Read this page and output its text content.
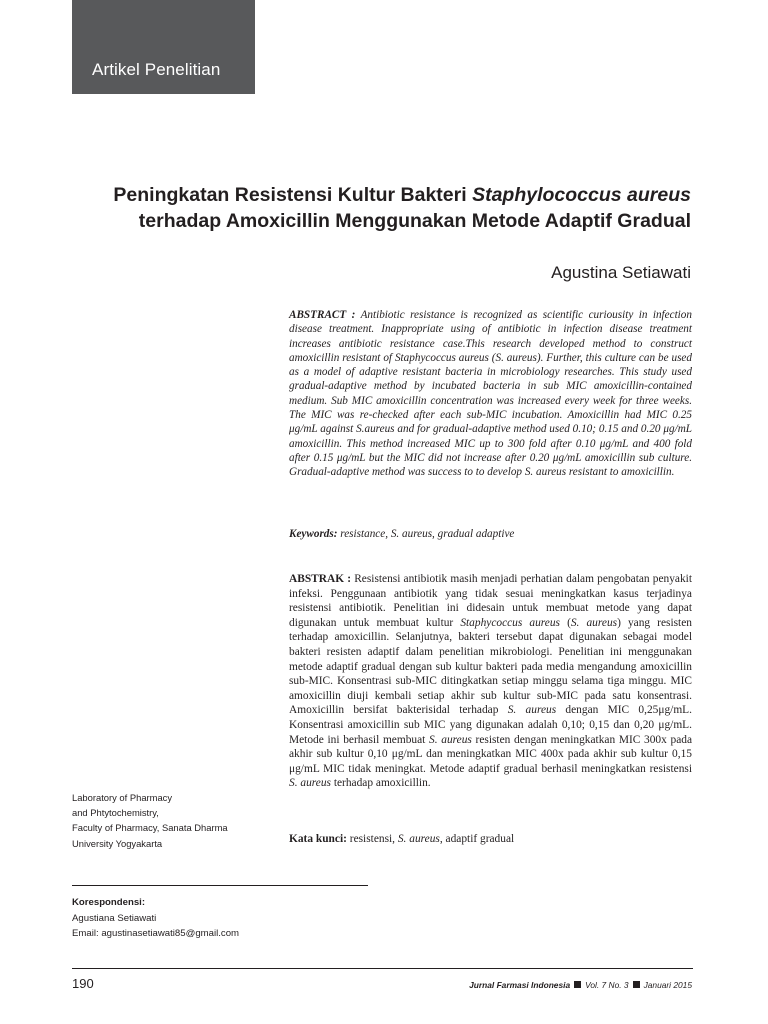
Artikel Penelitian
Peningkatan Resistensi Kultur Bakteri Staphylococcus aureus
terhadap Amoxicillin Menggunakan Metode Adaptif Gradual
Agustina Setiawati
ABSTRACT : Antibiotic resistance is recognized as scientific curiousity in infection disease treatment. Inappropriate using of antibiotic in infection disease treatment increases antibiotic resistance case.This research developed method to construct amoxicillin resistant of Staphycoccus aureus (S. aureus). Further, this culture can be used as a model of adaptive resistant bacteria in microbiology researches. This study used gradual-adaptive method by incubated bacteria in sub MIC amoxicillin-contained medium. Sub MIC amoxicillin concentration was increased every week for three weeks. The MIC was re-checked after each sub-MIC incubation. Amoxicillin had MIC 0.25 μg/mL against S.aureus and for gradual-adaptive method used 0.10; 0.15 and 0.20 μg/mL amoxicillin. This method increased MIC up to 300 fold after 0.10 μg/mL and 400 fold after 0.15 μg/mL but the MIC did not increase after 0.20 μg/mL amoxicillin sub culture. Gradual-adaptive method was success to to develop S. aureus resistant to amoxicillin.
Keywords: resistance, S. aureus, gradual adaptive
ABSTRAK : Resistensi antibiotik masih menjadi perhatian dalam pengobatan penyakit infeksi. Penggunaan antibiotik yang tidak sesuai meningkatkan kasus terjadinya resistensi antibiotik. Penelitian ini didesain untuk membuat metode yang dapat digunakan untuk membuat kultur Staphycoccus aureus (S. aureus) yang resisten terhadap amoxicillin. Selanjutnya, bakteri tersebut dapat digunakan sebagai model bakteri resisten adaptif dalam penelitian mikrobiologi. Penelitian ini menggunakan metode adaptif gradual dengan sub kultur bakteri pada media mengandung amoxicillin sub-MIC. Konsentrasi sub-MIC ditingkatkan setiap minggu selama tiga minggu. MIC amoxicillin diuji kembali setiap akhir sub kultur sub-MIC pada satu konsentrasi. Amoxicillin bersifat bakterisidal terhadap S. aureus dengan MIC 0,25μg/mL. Konsentrasi amoxicillin sub MIC yang digunakan adalah 0,10; 0,15 dan 0,20 μg/mL. Metode ini berhasil membuat S. aureus resisten dengan meningkatkan MIC 300x pada akhir sub kultur 0,10 μg/mL dan meningkatkan MIC 400x pada akhir sub kultur 0,15 μg/mL MIC tidak meningkat. Metode adaptif gradual berhasil meningkatkan resistensi S. aureus terhadap amoxicillin.
Kata kunci: resistensi, S. aureus, adaptif gradual
Laboratory of Pharmacy
and Phtytochemistry,
Faculty of Pharmacy, Sanata Dharma
University Yogyakarta
Korespondensi:
Agustiana Setiawati
Email: agustinasetiawati85@gmail.com
190	Jurnal Farmasi Indonesia Vol. 7 No. 3 Januari 2015
